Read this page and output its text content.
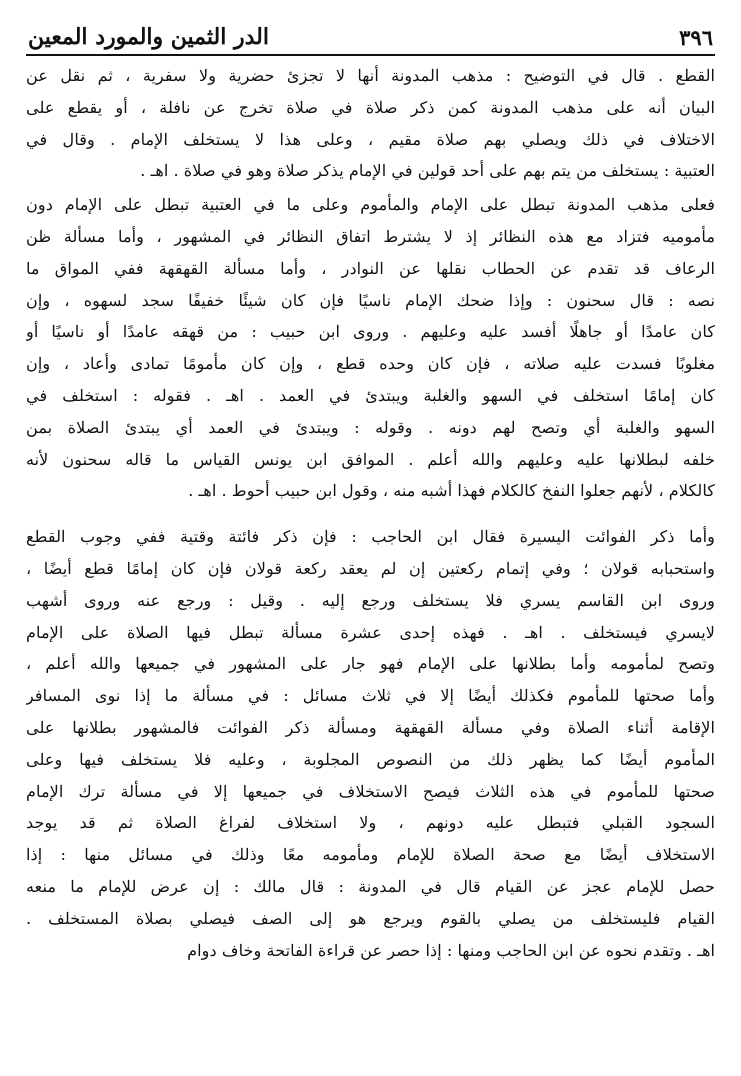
٣٩٦
الدر الثمين والمورد المعين
القطع . قال في التوضيح : مذهب المدونة أنها لا تجزئ حضرية ولا سفرية ، ثم نقل عن
البيان أنه على مذهب المدونة كمن ذكر صلاة في صلاة تخرج عن نافلة ، أو يقطع على
الاختلاف في ذلك ويصلي بهم صلاة مقيم ، وعلى هذا لا يستخلف الإمام . وقال في
العتبية : يستخلف من يتم بهم على أحد قولين في الإمام يذكر صلاة وهو في صلاة . اهـ .
فعلى مذهب المدونة تبطل على الإمام والمأموم وعلى ما في العتبية تبطل على الإمام دون
مأموميه فتزاد مع هذه النظائر إذ لا يشترط اتفاق النظائر في المشهور ، وأما مسألة ظن
الرعاف قد تقدم عن الحطاب نقلها عن النوادر ، وأما مسألة القهقهة ففي المواق ما
نصه : قال سحنون : وإذا ضحك الإمام ناسيًا فإن كان شيئًا خفيفًا سجد لسهوه ، وإن
كان عامدًا أو جاهلًا أفسد عليه وعليهم . وروى ابن حبيب : من قهقه عامدًا أو ناسيًا أو
مغلوبًا فسدت عليه صلاته ، فإن كان وحده قطع ، وإن كان مأمومًا تمادى وأعاد ، وإن
كان إمامًا استخلف في السهو والغلبة ويبتدئ في العمد . اهـ . فقوله : استخلف في
السهو والغلبة أي وتصح لهم دونه . وقوله : ويبتدئ في العمد أي يبتدئ الصلاة بمن
خلفه لبطلانها عليه وعليهم والله أعلم . الموافق ابن يونس القياس ما قاله سحنون لأنه
كالكلام ، لأنهم جعلوا النفخ كالكلام فهذا أشبه منه ، وقول ابن حبيب أحوط . اهـ .
وأما ذكر الفوائت اليسيرة فقال ابن الحاجب : فإن ذكر فائتة وقتية ففي وجوب القطع
واستحبابه قولان ؛ وفي إتمام ركعتين إن لم يعقد ركعة قولان فإن كان إمامًا قطع أيضًا ،
وروى ابن القاسم يسري فلا يستخلف ورجع إليه . وقيل : ورجع عنه وروى أشهب
لايسري فيستخلف . اهـ . فهذه إحدى عشرة مسألة تبطل فيها الصلاة على الإمام
وتصح لمأمومه وأما بطلانها على الإمام فهو جار على المشهور في جميعها والله أعلم ،
وأما صحتها للمأموم فكذلك أيضًا إلا في ثلاث مسائل : في مسألة ما إذا نوى المسافر
الإقامة أثناء الصلاة وفي مسألة القهقهة ومسألة ذكر الفوائت فالمشهور بطلانها على
المأموم أيضًا كما يظهر ذلك من النصوص المجلوبة ، وعليه فلا يستخلف فيها وعلى
صحتها للمأموم في هذه الثلاث فيصح الاستخلاف في جميعها إلا في مسألة ترك الإمام
السجود القبلي فتبطل عليه دونهم ، ولا استخلاف لفراغ الصلاة ثم قد يوجد
الاستخلاف أيضًا مع صحة الصلاة للإمام ومأمومه معًا وذلك في مسائل منها : إذا
حصل للإمام عجز عن القيام قال في المدونة : قال مالك : إن عرض للإمام ما منعه
القيام فليستخلف من يصلي بالقوم ويرجع هو إلى الصف فيصلي بصلاة المستخلف .
اهـ . وتقدم نحوه عن ابن الحاجب ومنها : إذا حصر عن قراءة الفاتحة وخاف دوام
